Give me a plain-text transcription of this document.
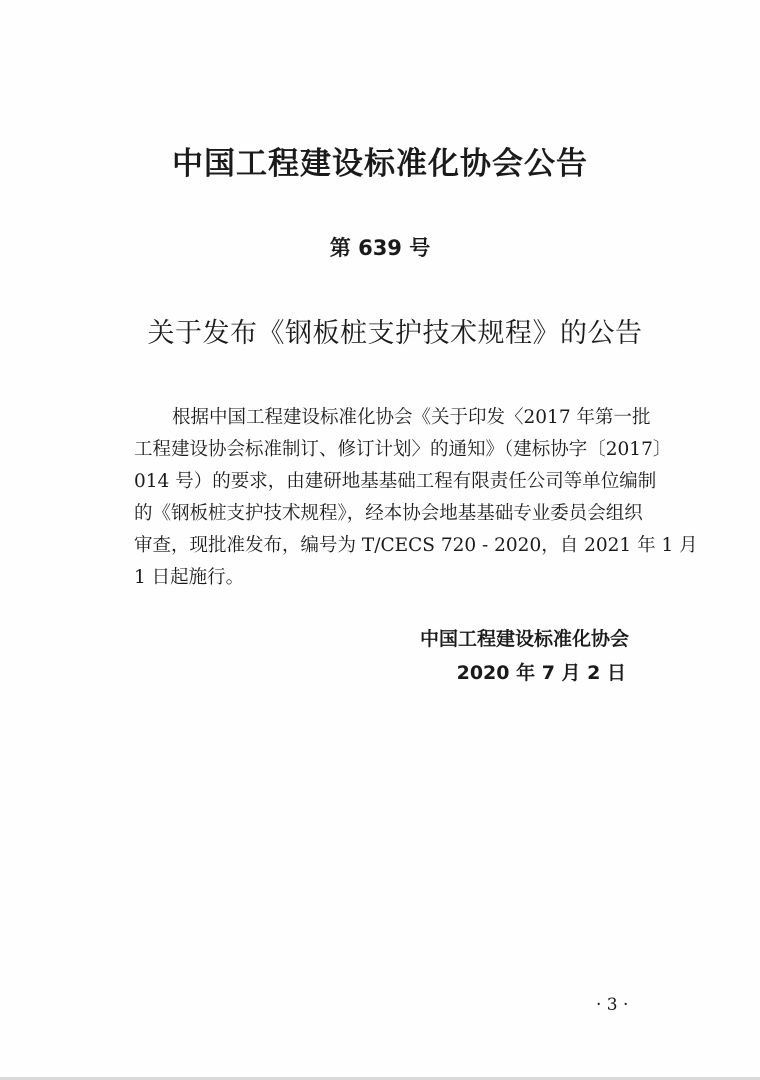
中国工程建设标准化协会公告
第 639 号
关于发布《钢板桩支护技术规程》的公告
根据中国工程建设标准化协会《关于印发〈2017 年第一批
工程建设协会标准制订、修订计划〉的通知》（建标协字〔2017〕
014 号）的要求，由建研地基基础工程有限责任公司等单位编制
的《钢板桩支护技术规程》，经本协会地基基础专业委员会组织
审查，现批准发布，编号为 T/CECS 720 - 2020，自 2021 年 1 月
1 日起施行。
中国工程建设标准化协会
2020 年 7 月 2 日
· 3 ·
